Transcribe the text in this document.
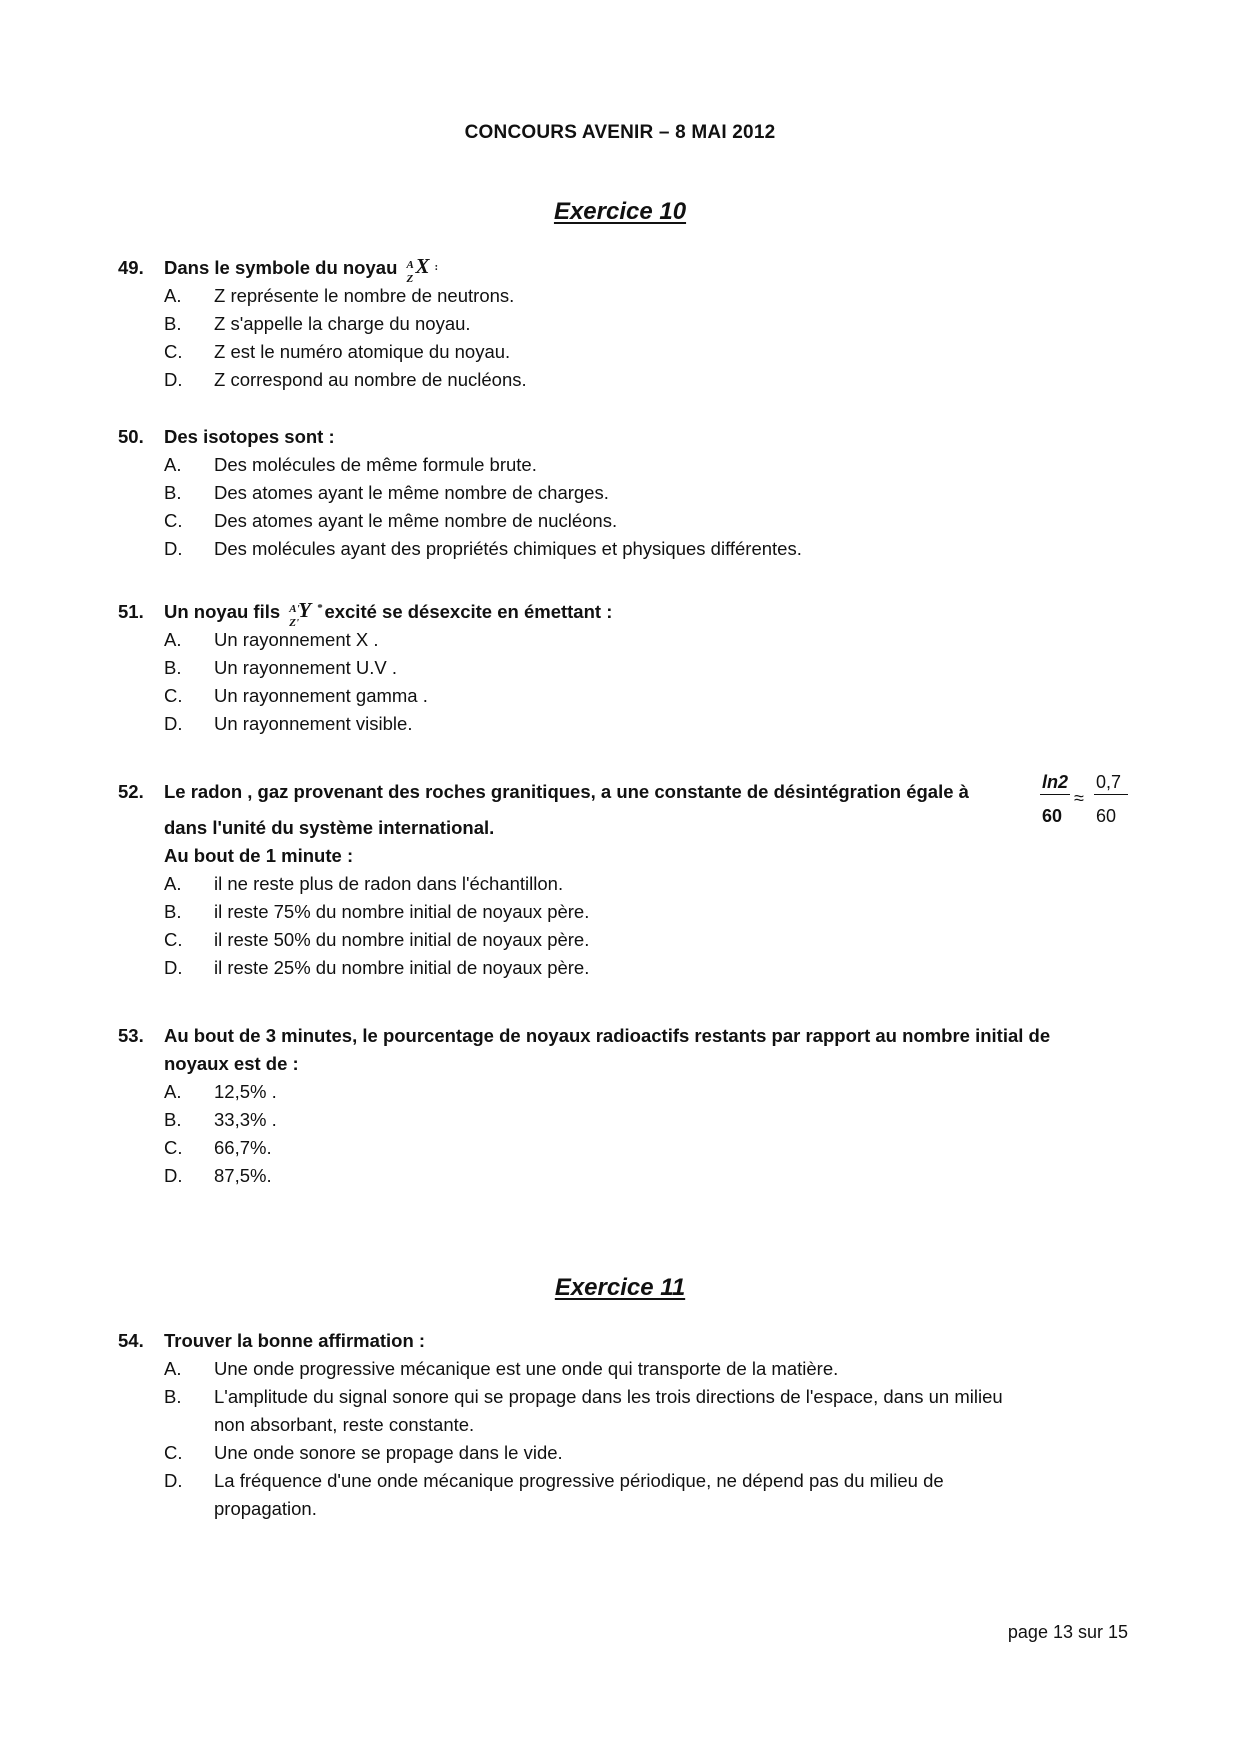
CONCOURS AVENIR – 8 MAI 2012
Exercice 10
49. Dans le symbole du noyau A
Z
X :
A. Z représente le nombre de neutrons.
B. Z s'appelle la charge du noyau.
C. Z est le numéro atomique du noyau.
D. Z correspond au nombre de nucléons.
50. Des isotopes sont :
A. Des molécules de même formule brute.
B. Des atomes ayant le même nombre de charges.
C. Des atomes ayant le même nombre de nucléons.
D. Des molécules ayant des propriétés chimiques et physiques différentes.
51. Un noyau fils A'
Z'
Y * excité se désexcite en émettant :
A. Un rayonnement X .
B. Un rayonnement U.V .
C. Un rayonnement gamma .
D. Un rayonnement visible.
52. Le radon , gaz provenant des roches granitiques, a une constante de désintégration égale à	ln2
60
≈
0,7
60
dans l'unité du système international.
Au bout de 1 minute :
A. il ne reste plus de radon dans l'échantillon.
B. il reste 75% du nombre initial de noyaux père.
C. il reste 50% du nombre initial de noyaux père.
D. il reste 25% du nombre initial de noyaux père.
53. Au bout de 3 minutes, le pourcentage de noyaux radioactifs restants par rapport au nombre initial de
noyaux est de :
A. 12,5% .
B. 33,3% .
C. 66,7%.
D. 87,5%.
Exercice 11
54. Trouver la bonne affirmation :
A. Une onde progressive mécanique est une onde qui transporte de la matière.
B. L'amplitude du signal sonore qui se propage dans les trois directions de l'espace, dans un milieu
non absorbant, reste constante.
C. Une onde sonore se propage dans le vide.
D. La fréquence d'une onde mécanique progressive périodique, ne dépend pas du milieu de
propagation.
page 13 sur 15
